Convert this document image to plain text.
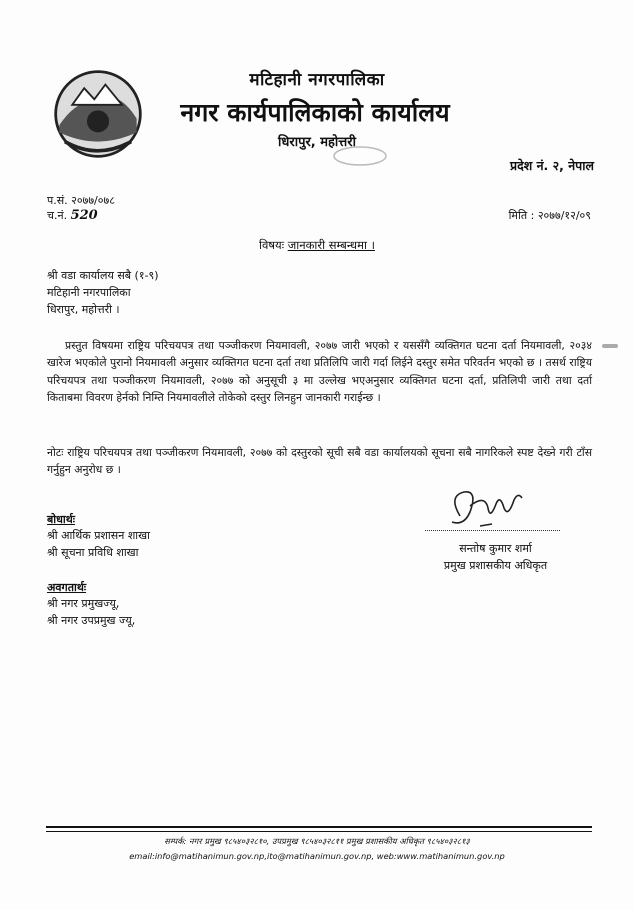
मटिहानी नगरपालिका
नगर कार्यपालिकाको कार्यालय
धिरापुर, महोत्तरी
प्रदेश नं. २, नेपाल
प.सं. २०७७/०७८
च.नं. 520	मिति : २०७७/१२/०९
विषयः जानकारी सम्बन्धमा ।
श्री वडा कार्यालय सबै (१-९)
मटिहानी नगरपालिका
धिरापुर, महोत्तरी ।
प्रस्तुत विषयमा राष्ट्रिय परिचयपत्र तथा पञ्जीकरण नियमावली, २०७७ जारी भएको र यससँगै व्यक्तिगत घटना दर्ता नियमावली, २०३४ खारेज भएकोले पुरानो नियमावली अनुसार व्यक्तिगत घटना दर्ता तथा प्रतिलिपि जारी गर्दा लिईने दस्तुर समेत परिवर्तन भएको छ । तसर्थ राष्ट्रिय परिचयपत्र तथा पञ्जीकरण नियमावली, २०७७ को अनुसूची ३ मा उल्लेख भएअनुसार व्यक्तिगत घटना दर्ता, प्रतिलिपी जारी तथा दर्ता किताबमा विवरण हेर्नको निम्ति नियमावलीले तोकेको दस्तुर लिनहुन जानकारी गराईन्छ ।
नोटः राष्ट्रिय परिचयपत्र तथा पञ्जीकरण नियमावली, २०७७ को दस्तुरको सूची सबै वडा कार्यालयको सूचना सबै नागरिकले स्पष्ट देख्ने गरी टाँस गर्नुहुन अनुरोध छ ।
सन्तोष कुमार शर्मा
प्रमुख प्रशासकीय अधिकृत
बोधार्थः
श्री आर्थिक प्रशासन शाखा
श्री सूचना प्रविधि शाखा
अवगतार्थः
श्री नगर प्रमुखज्यू,
श्री नगर उपप्रमुख ज्यू,
सम्पर्क: नगर प्रमुख ९८५४०३२८१०, उपप्रमुख ९८५४०३२८११ प्रमुख प्रशासकीय अधिकृत ९८५४०३२८१३
email:info@matihanimun.gov.np,ito@matihanimun.gov.np, web:www.matihanimun.gov.np
